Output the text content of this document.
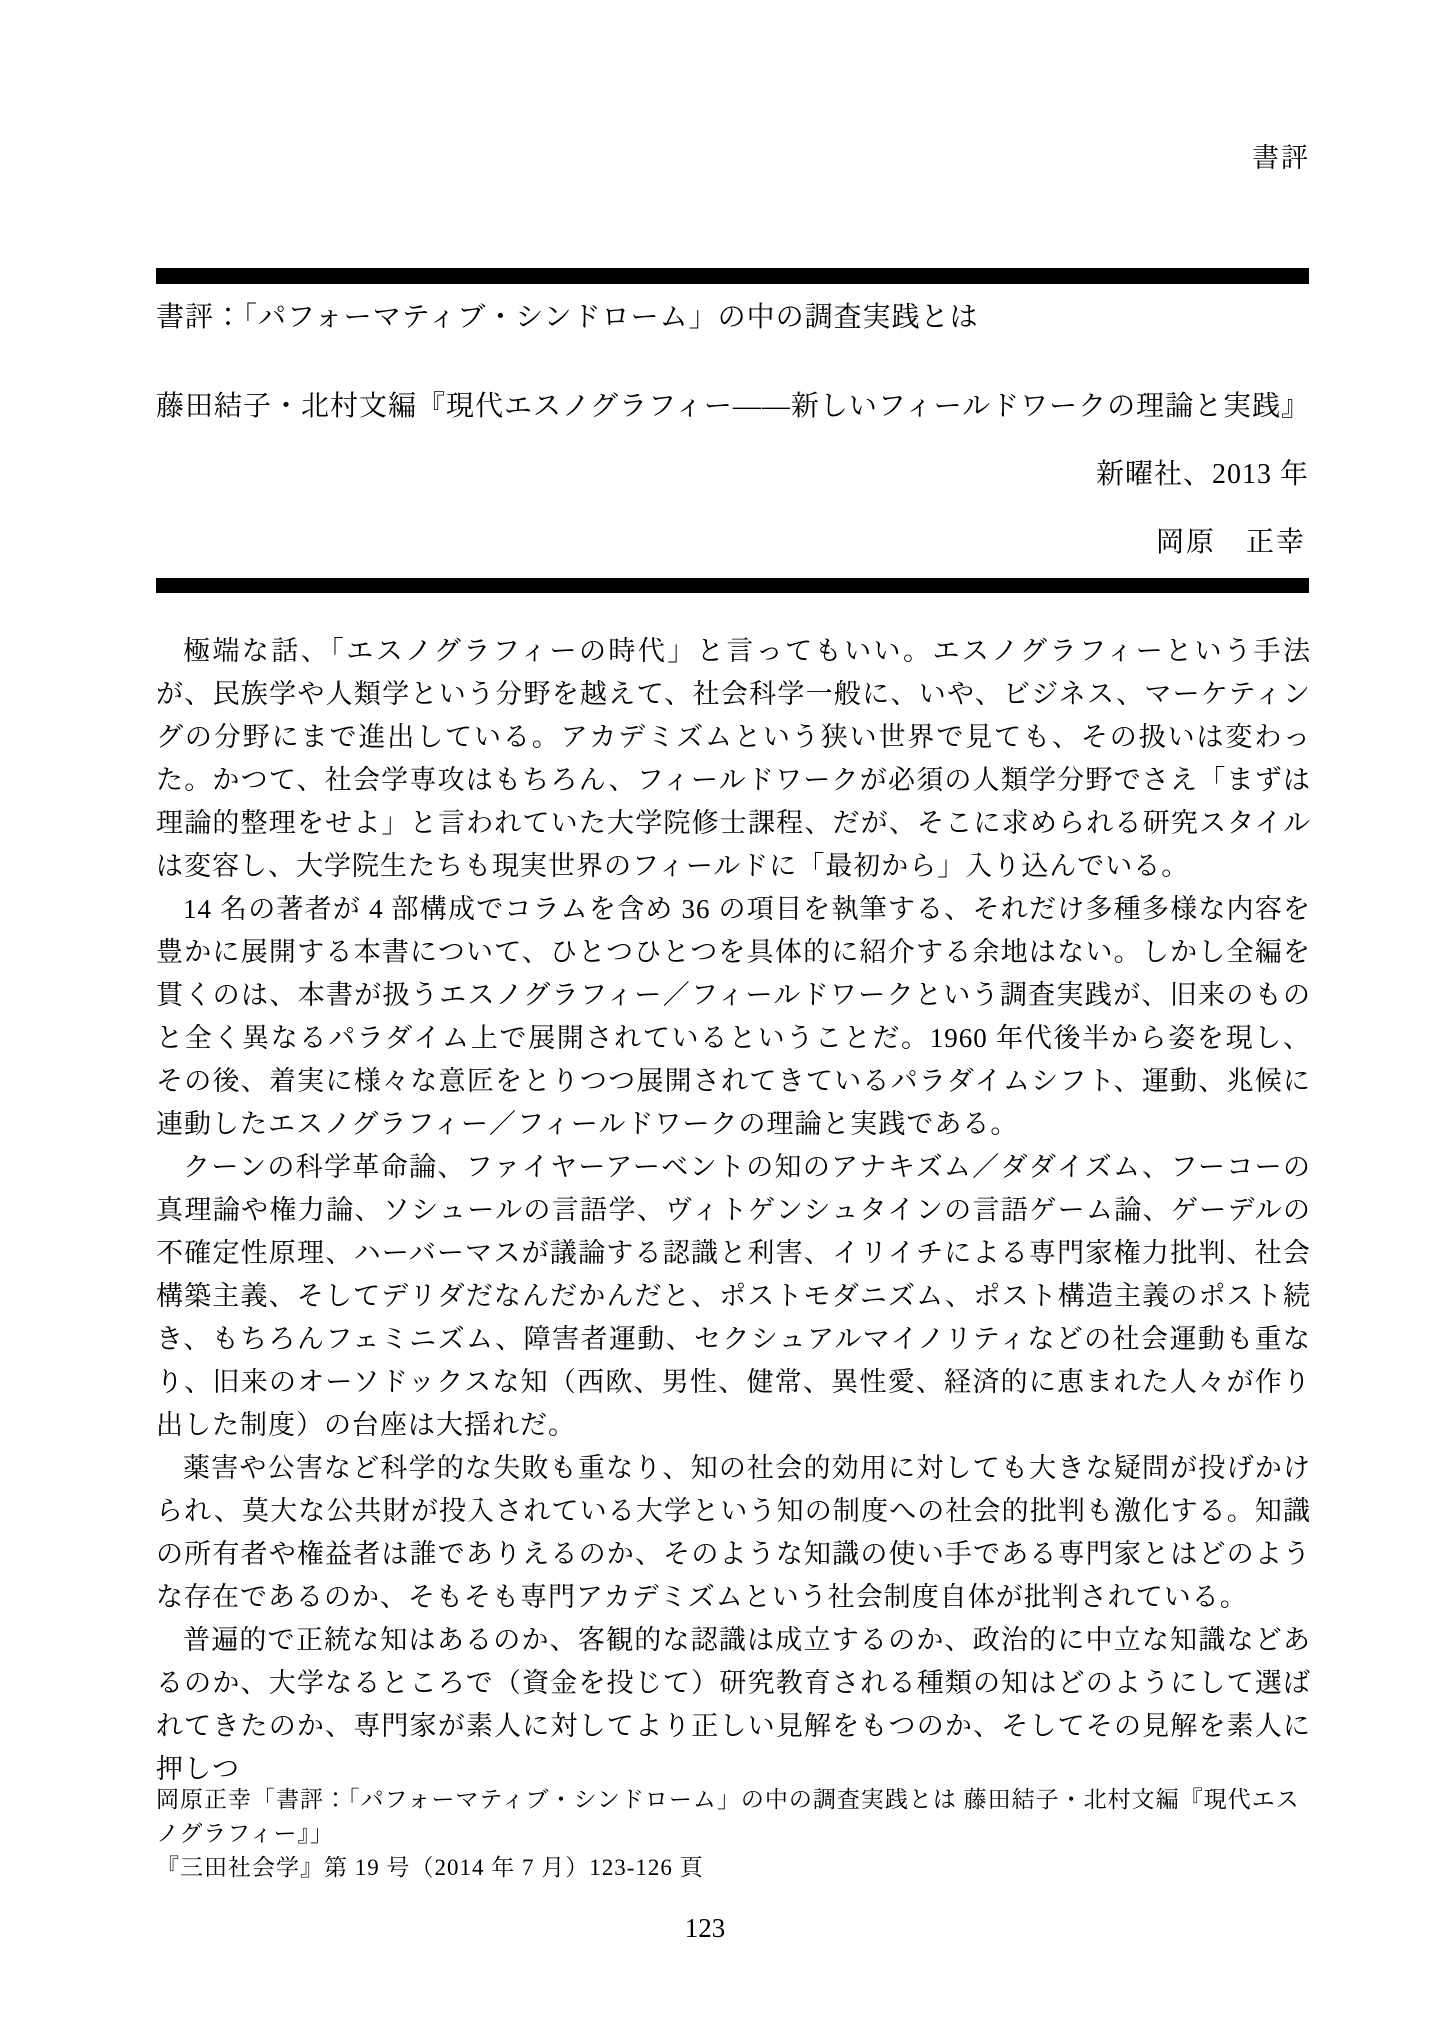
書評
書評：「パフォーマティブ・シンドローム」の中の調査実践とは
藤田結子・北村文編『現代エスノグラフィー——新しいフィールドワークの理論と実践』
新曜社、2013 年
岡原　正幸

極端な話、「エスノグラフィーの時代」と言ってもいい。エスノグラフィーという手法が、民族学や人類学という分野を越えて、社会科学一般に、いや、ビジネス、マーケティングの分野にまで進出している。アカデミズムという狭い世界で見ても、その扱いは変わった。かつて、社会学専攻はもちろん、フィールドワークが必須の人類学分野でさえ「まずは理論的整理をせよ」と言われていた大学院修士課程、だが、そこに求められる研究スタイルは変容し、大学院生たちも現実世界のフィールドに「最初から」入り込んでいる。

14 名の著者が 4 部構成でコラムを含め 36 の項目を執筆する、それだけ多種多様な内容を豊かに展開する本書について、ひとつひとつを具体的に紹介する余地はない。しかし全編を貫くのは、本書が扱うエスノグラフィー／フィールドワークという調査実践が、旧来のものと全く異なるパラダイム上で展開されているということだ。1960 年代後半から姿を現し、その後、着実に様々な意匠をとりつつ展開されてきているパラダイムシフト、運動、兆候に連動したエスノグラフィー／フィールドワークの理論と実践である。

クーンの科学革命論、ファイヤーアーベントの知のアナキズム／ダダイズム、フーコーの真理論や権力論、ソシュールの言語学、ヴィトゲンシュタインの言語ゲーム論、ゲーデルの不確定性原理、ハーバーマスが議論する認識と利害、イリイチによる専門家権力批判、社会構築主義、そしてデリダだなんだかんだと、ポストモダニズム、ポスト構造主義のポスト続き、もちろんフェミニズム、障害者運動、セクシュアルマイノリティなどの社会運動も重なり、旧来のオーソドックスな知（西欧、男性、健常、異性愛、経済的に恵まれた人々が作り出した制度）の台座は大揺れだ。

薬害や公害など科学的な失敗も重なり、知の社会的効用に対しても大きな疑問が投げかけられ、莫大な公共財が投入されている大学という知の制度への社会的批判も激化する。知識の所有者や権益者は誰でありえるのか、そのような知識の使い手である専門家とはどのような存在であるのか、そもそも専門アカデミズムという社会制度自体が批判されている。

普遍的で正統な知はあるのか、客観的な認識は成立するのか、政治的に中立な知識などあるのか、大学なるところで（資金を投じて）研究教育される種類の知はどのようにして選ばれてきたのか、専門家が素人に対してより正しい見解をもつのか、そしてその見解を素人に押しつ

岡原正幸「書評：「パフォーマティブ・シンドローム」の中の調査実践とは 藤田結子・北村文編『現代エスノグラフィー』」

『三田社会学』第 19 号（2014 年 7 月）123-126 頁

123
